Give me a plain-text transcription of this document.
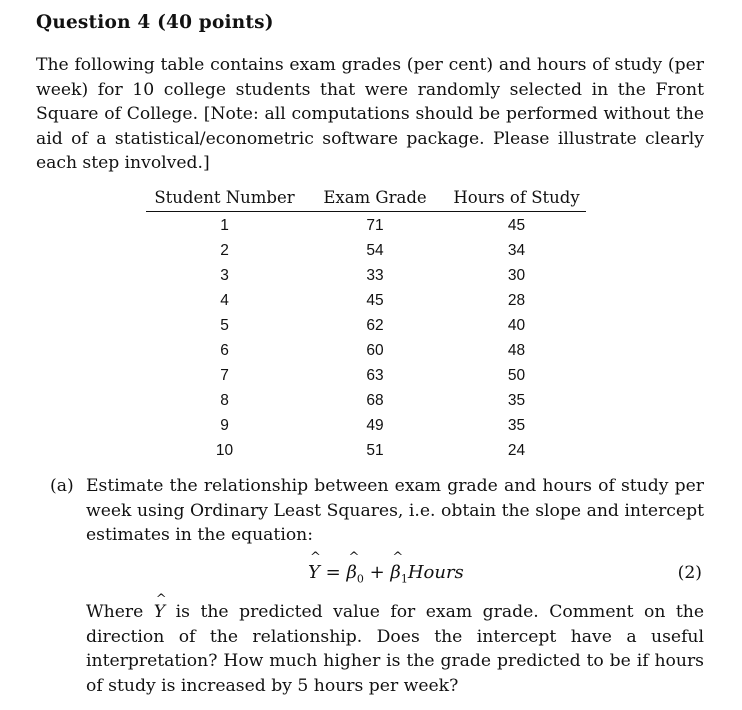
Question 4 (40 points)
The following table contains exam grades (per cent) and hours of study (per week) for 10 college students that were randomly selected in the Front Square of College. [Note: all computations should be performed without the aid of a statistical/econometric software package. Please illustrate clearly each step involved.]
Student Number	Exam Grade	Hours of Study
1	71	45
2	54	34
3	33	30
4	45	28
5	62	40
6	60	48
7	63	50
8	68	35
9	49	35
10	51	24
(a) Estimate the relationship between exam grade and hours of study per week using Ordinary Least Squares, i.e. obtain the slope and intercept estimates in the equation:
^ Y = ^ $\beta_0$ + ^ $\beta_1Hours$	(2)
Where ^ Y is the predicted value for exam grade. Comment on the direction of the relationship. Does the intercept have a useful interpretation? How much higher is the grade predicted to be if hours of study is increased by 5 hours per week?
